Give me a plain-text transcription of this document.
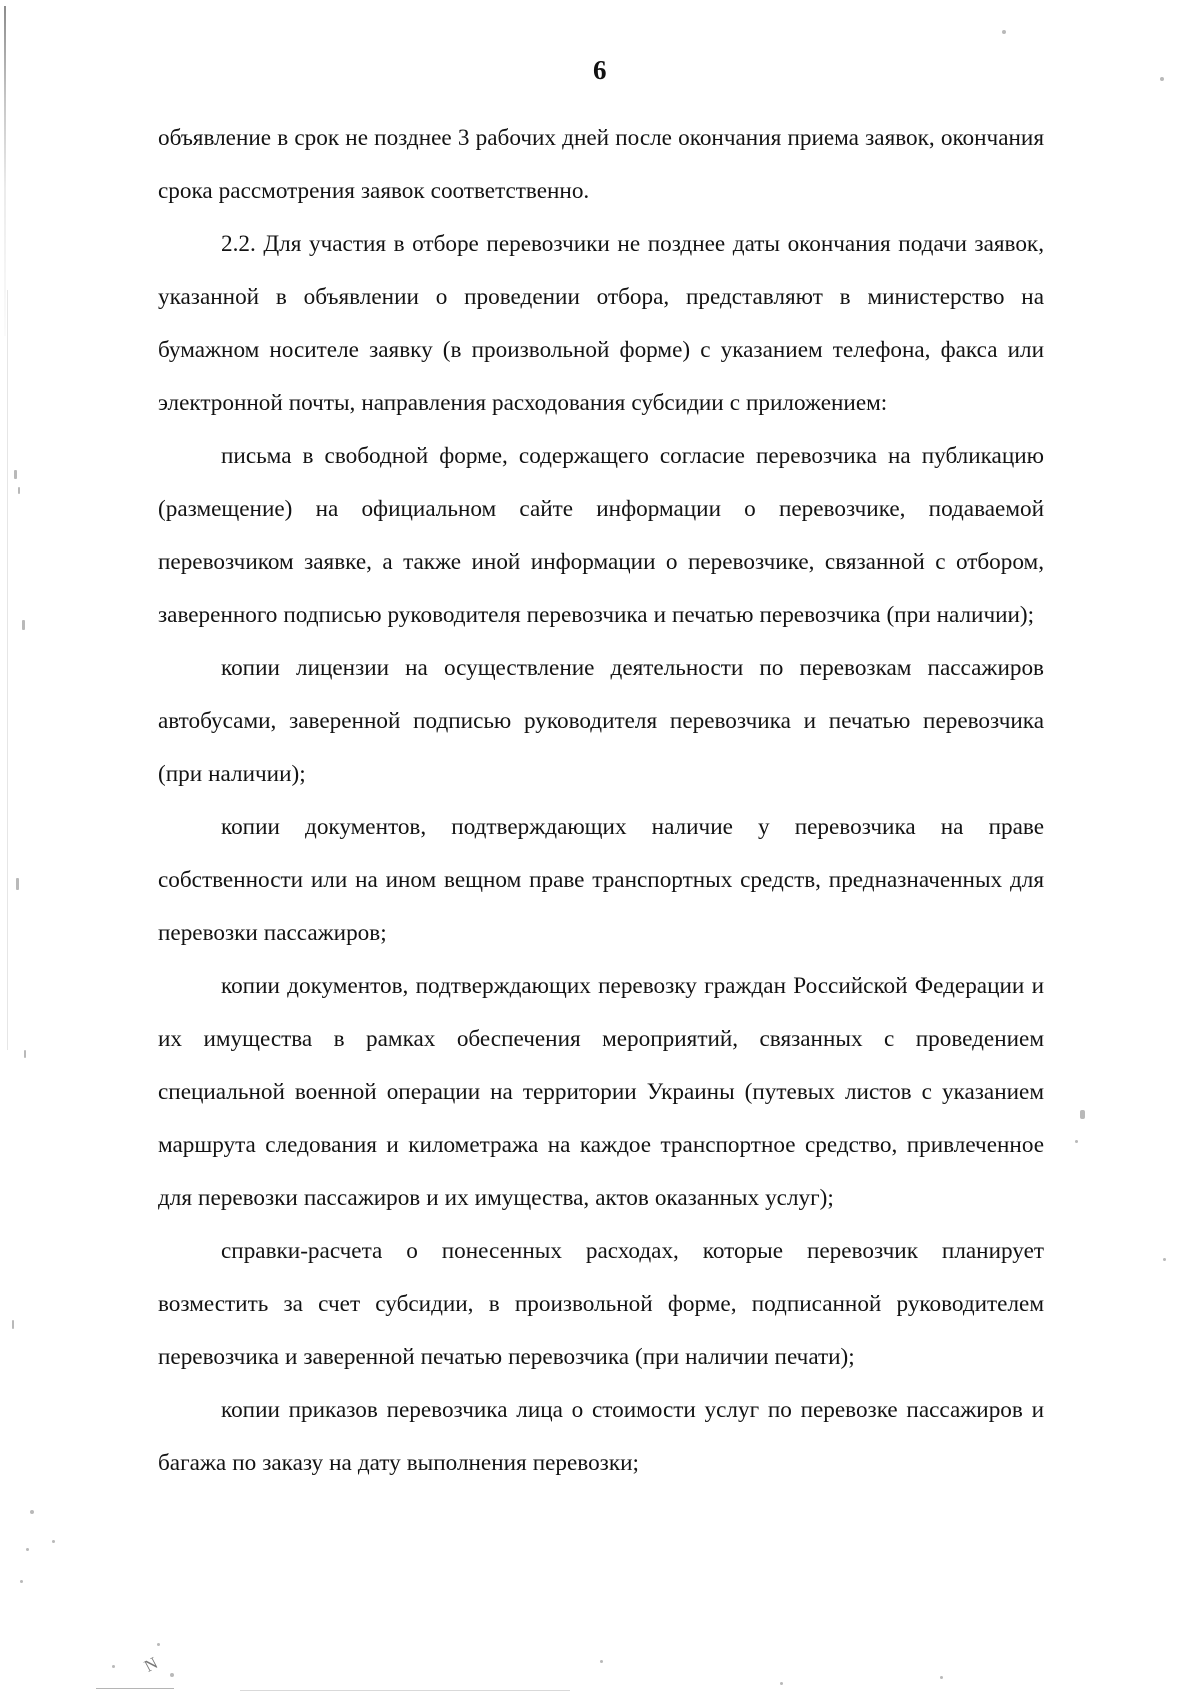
N
6

объявление в срок не позднее 3 рабочих дней после окончания приема заявок, окончания срока рассмотрения заявок соответственно.

2.2. Для участия в отборе перевозчики не позднее даты окончания подачи заявок, указанной в объявлении о проведении отбора, представляют в министерство на бумажном носителе заявку (в произвольной форме) с указанием телефона, факса или электронной почты, направления расходования субсидии с приложением:

письма в свободной форме, содержащего согласие перевозчика на публикацию (размещение) на официальном сайте информации о перевозчике, подаваемой перевозчиком заявке, а также иной информации о перевозчике, связанной с отбором, заверенного подписью руководителя перевозчика и печатью перевозчика (при наличии);

копии лицензии на осуществление деятельности по перевозкам пассажиров автобусами, заверенной подписью руководителя перевозчика и печатью перевозчика (при наличии);

копии документов, подтверждающих наличие у перевозчика на праве собственности или на ином вещном праве транспортных средств, предназначенных для перевозки пассажиров;

копии документов, подтверждающих перевозку граждан Российской Федерации и их имущества в рамках обеспечения мероприятий, связанных с проведением специальной военной операции на территории Украины (путевых листов с указанием маршрута следования и километража на каждое транспортное средство, привлеченное для перевозки пассажиров и их имущества, актов оказанных услуг);

справки-расчета о понесенных расходах, которые перевозчик планирует возместить за счет субсидии, в произвольной форме, подписанной руководителем перевозчика и заверенной печатью перевозчика (при наличии печати);

копии приказов перевозчика лица о стоимости услуг по перевозке пассажиров и багажа по заказу на дату выполнения перевозки;
